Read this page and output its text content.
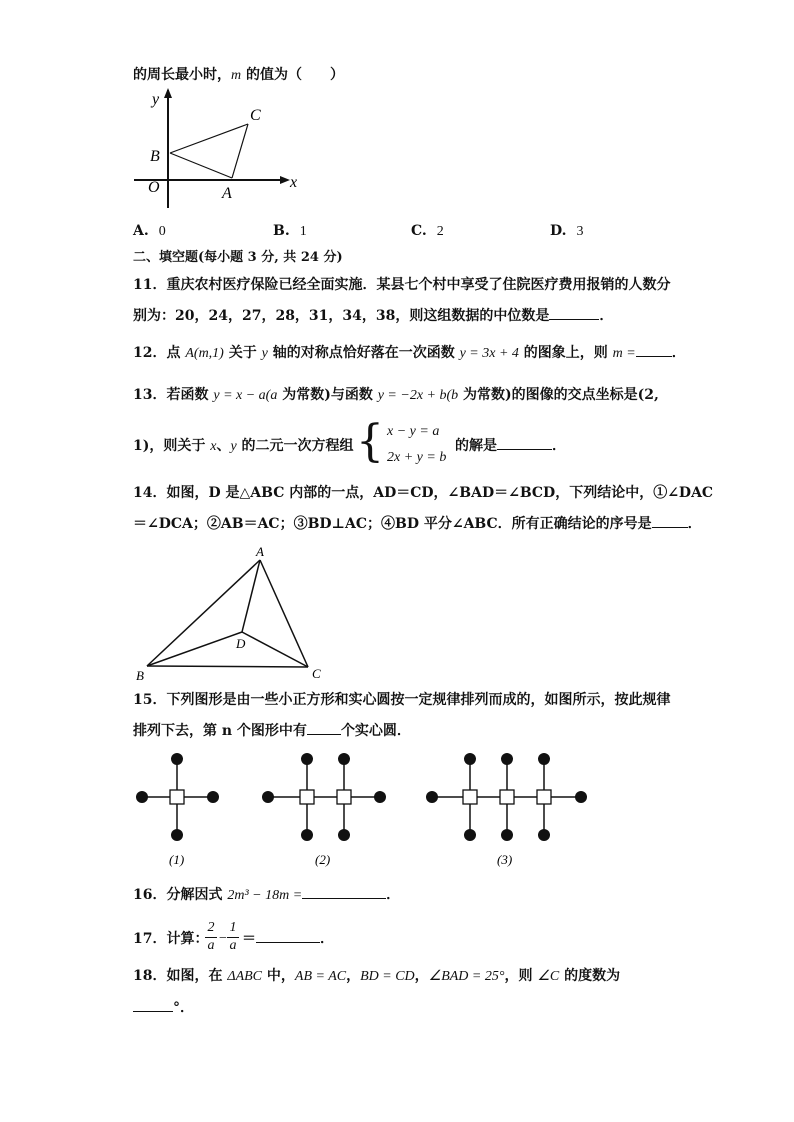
的周长最小时，m 的值为（　　）
y
x
O	A
B
C
A. 0	B. 1	C. 2	D. 3
二、填空题(每小题 3 分, 共 24 分)
11．重庆农村医疗保险已经全面实施．某县七个村中享受了住院医疗费用报销的人数分
别为：20，24，27，28，31，34，38，则这组数据的中位数是	．
12．点 A(m,1) 关于 y 轴的对称点恰好落在一次函数 y = 3x + 4 的图象上，则 m =	．
13．若函数 y = x − a(a 为常数)与函数 y = −2x + b(b 为常数)的图像的交点坐标是(2,
1)，则关于 x、y 的二元一次方程组 { x − y = a
2x + y = b
的解是	．
14．如图，D 是△ABC 内部的一点，AD＝CD，∠BAD＝∠BCD，下列结论中，①∠DAC
＝∠DCA；②AB＝AC；③BD⊥AC；④BD 平分∠ABC．所有正确结论的序号是	．
A
B	C
D
15．下列图形是由一些小正方形和实心圆按一定规律排列而成的，如图所示，按此规律
排列下去，第 n 个图形中有 个实心圆．
(1)	(2)	(3)
16．分解因式 2m³ − 18m =	．
17．计算：
2
a −
1
a ＝	．
18．如图，在 ΔABC 中，AB = AC，BD = CD，∠BAD = 25°，则 ∠C 的度数为
°．
